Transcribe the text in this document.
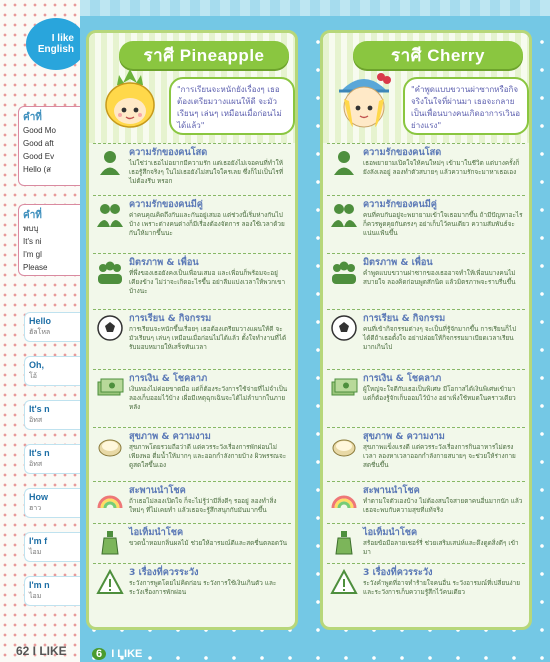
I like
English
คำที่
Good Mo
Good aft
Good Ev
Hello (ส
คำที่
พบบุ
It's ni
I'm gl
Please
Hello
ฮัลโหล
Oh,
โอ้
It's n
อิทส
It's n
อิทส
How
ฮาว
I'm f
ไอม
I'm n
ไอม
62 I LIKE
ราศี Pineapple
"การเรียนจะหนักยังเรื่องๆ เธอต้องเตรียมวางแผนให้ดี จะมัวเรียนๆ เล่นๆ เหมือนเมื่อก่อนไม่ได้แล้ว"
ความรักของคนโสด
ไม่ใช่ว่าเธอไม่อยากมีความรัก แต่เธอยังไม่เจอคนที่ทำให้เธอรู้สึกจริงๆ ในไม่เธอยังไม่สนใจใครเลย ซึ่งก็ไม่เป็นไรที่ไม่ต้องรีบ หรอก
ความรักของคนมีคู่
ค่าคนคุณคิดถึงกันและกันอยู่เสมอ แต่ช่วงนี้เริ่มห่างกันไปบ้าง เพราะต่างคนต่างก็มีเรื่องต้องจัดการ ลองใช้เวลาด้วยกันให้มากขึ้นนะ
มิตรภาพ & เพื่อน
ที่พึ่งของเธอยังคงเป็นเพื่อนเสมอ และเพื่อนก็พร้อมจะอยู่เคียงข้าง ไม่ว่าจะเกิดอะไรขึ้น อย่าลืมแบ่งเวลาให้พวกเขาบ้างนะ
การเรียน & กิจกรรม
การเรียนจะหนักขึ้นเรื่อยๆ เธอต้องเตรียมวางแผนให้ดี จะมัวเรียนๆ เล่นๆ เหมือนเมื่อก่อนไม่ได้แล้ว ตั้งใจทำงานที่ได้รับมอบหมายให้เสร็จทันเวลา
การเงิน & โชคลาภ
เงินทองไม่ค่อยขาดมือ แต่ก็ต้องระวังการใช้จ่ายที่ไม่จำเป็น ลองเก็บออมไว้บ้าง เผื่อมีเหตุฉุกเฉินจะได้ไม่ลำบากในภายหลัง
สุขภาพ & ความงาม
สุขภาพโดยรวมถือว่าดี แต่ควรระวังเรื่องการพักผ่อนไม่เพียงพอ ดื่มน้ำให้มากๆ และออกกำลังกายบ้าง ผิวพรรณจะดูสดใสขึ้นเอง
สะพานนำโชค
ถ้าเธอไม่ลองเปิดใจ ก็จะไม่รู้ว่ามีสิ่งดีๆ รออยู่ ลองทำสิ่งใหม่ๆ ที่ไม่เคยทำ แล้วเธอจะรู้สึกสนุกกับมันมากขึ้น
ไอเท็มนำโชค
ขวดน้ำหอมกลิ่นผลไม้ ช่วยให้อารมณ์ดีและสดชื่นตลอดวัน
3 เรื่องที่ควรระวัง
ระวังการพูดโดยไม่คิดก่อน ระวังการใช้เงินเกินตัว และระวังเรื่องการพักผ่อน
ราศี Cherry
"คำพูดแบบขวานผ่าซากหรือกิจจริงในใจที่ผ่านมา เธอจะกลายเป็นเพื่อนบางคนเกิดอาการเวินอย่างแรง"
ความรักของคนโสด
เธอพยายามเปิดใจให้คนใหม่ๆ เข้ามาในชีวิต แต่บางครั้งก็ยังลังเลอยู่ ลองทำตัวสบายๆ แล้วความรักจะมาหาเธอเอง
ความรักของคนมีคู่
คนที่คบกันอยู่จะพยายามเข้าใจเธอมากขึ้น ถ้ามีปัญหาอะไรก็ควรพูดคุยกันตรงๆ อย่าเก็บไว้คนเดียว ความสัมพันธ์จะแน่นแฟ้นขึ้น
มิตรภาพ & เพื่อน
คำพูดแบบขวานผ่าซากของเธออาจทำให้เพื่อนบางคนไม่สบายใจ ลองคิดก่อนพูดสักนิด แล้วมิตรภาพจะราบรื่นขึ้น
การเรียน & กิจกรรม
คนที่เข้ากิจกรรมต่างๆ จะเป็นที่รู้จักมากขึ้น การเรียนก็ไปได้ดีถ้าเธอตั้งใจ อย่าปล่อยให้กิจกรรมมาเบียดเวลาเรียนมากเกินไป
การเงิน & โชคลาภ
ผู้ใหญ่จะใจดีกับเธอเป็นพิเศษ มีโอกาสได้เงินพิเศษเข้ามา แต่ก็ต้องรู้จักเก็บออมไว้บ้าง อย่าเพิ่งใช้หมดในคราวเดียว
สุขภาพ & ความงาม
สุขภาพแข็งแรงดี แต่ควรระวังเรื่องการกินอาหารไม่ตรงเวลา ลองหาเวลาออกกำลังกายสบายๆ จะช่วยให้ร่างกายสดชื่นขึ้น
สะพานนำโชค
ทำตามใจตัวเองบ้าง ไม่ต้องสนใจสายตาคนอื่นมากนัก แล้วเธอจะพบกับความสุขที่แท้จริง
ไอเท็มนำโชค
สร้อยข้อมือลายเชอร์รี่ ช่วยเสริมเสน่ห์และดึงดูดสิ่งดีๆ เข้ามา
3 เรื่องที่ควรระวัง
ระวังคำพูดที่อาจทำร้ายใจคนอื่น ระวังอารมณ์ที่เปลี่ยนง่าย และระวังการเก็บความรู้สึกไว้คนเดียว
6 I LIKE
